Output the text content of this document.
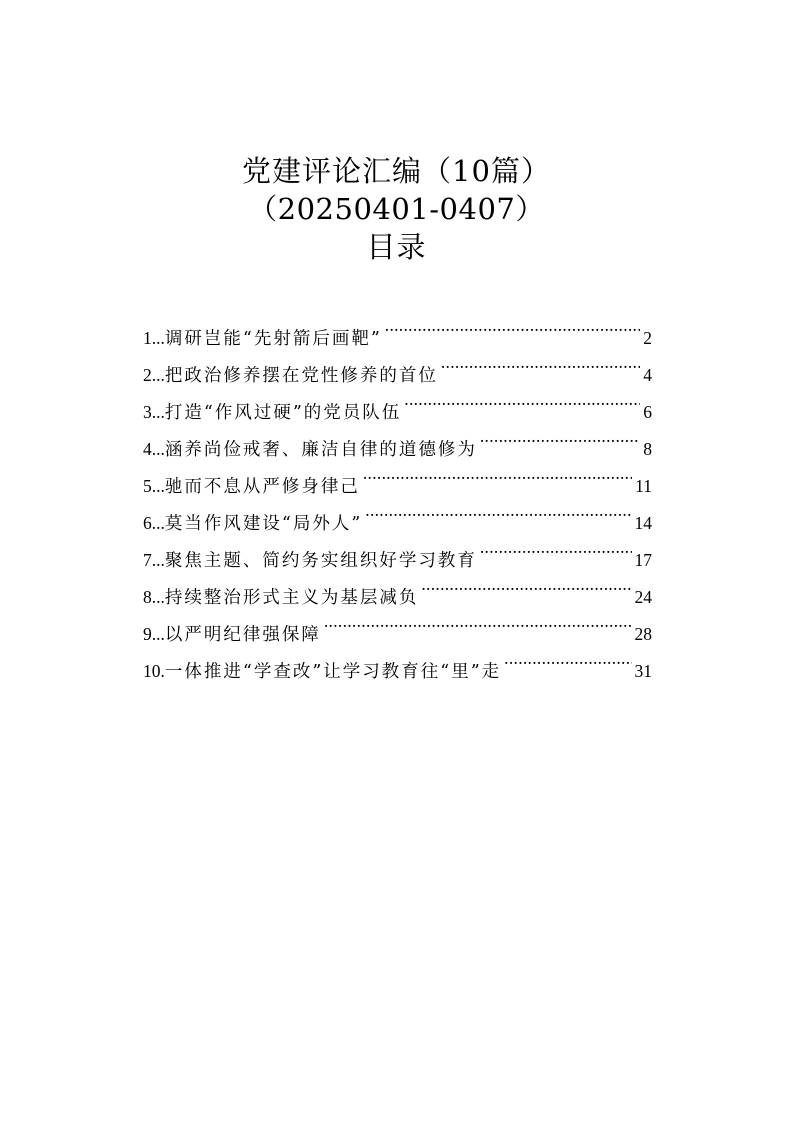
党建评论汇编（10篇）
（20250401-0407）
目录
1 ... 调研岂能“先射箭后画靶” .....	2
2 ... 把政治修养摆在党性修养的首位 .....	4
3 ... 打造“作风过硬”的党员队伍 .....	6
4 ... 涵养尚俭戒奢、廉洁自律的道德修为 .....	8
5 ... 驰而不息从严修身律己 .....	11
6 ... 莫当作风建设“局外人” .....	14
7 ... 聚焦主题、简约务实组织好学习教育 .....	17
8 ... 持续整治形式主义为基层减负 .....	24
9 ... 以严明纪律强保障 .....	28
10 . 一体推进“学查改”让学习教育往“里”走 .....	31
